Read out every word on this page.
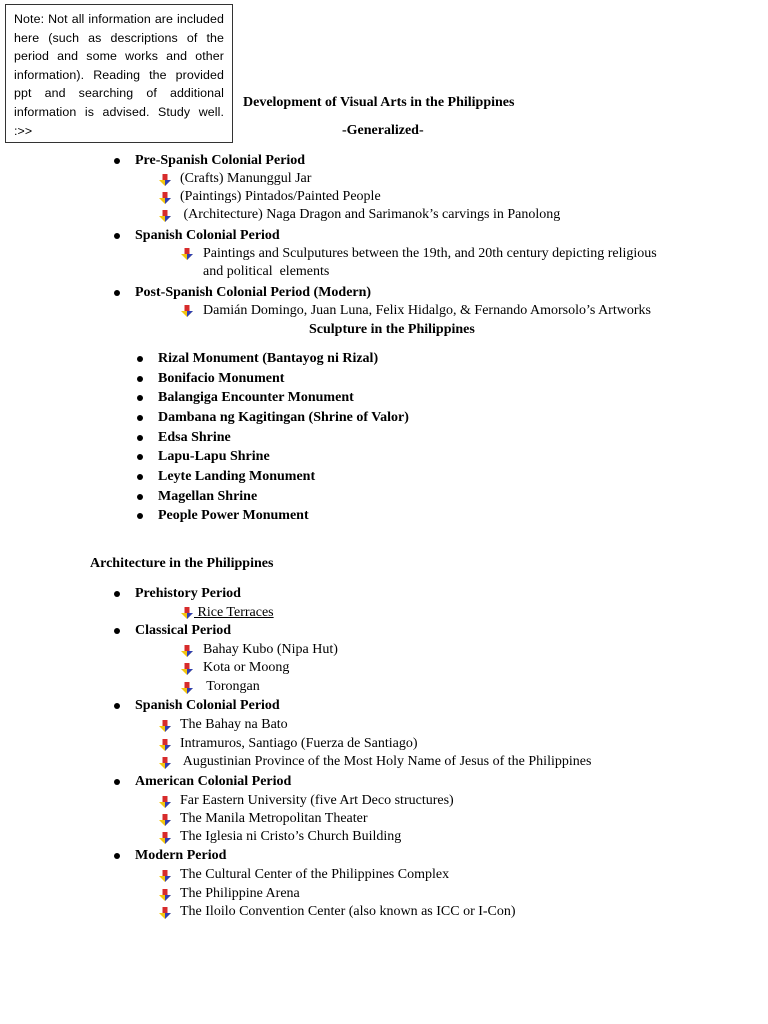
Note: Not all information are included here (such as descriptions of the period and some works and other information). Reading the provided ppt and searching of additional information is advised. Study well. :>>
Development of Visual Arts in the Philippines
-Generalized-
Pre-Spanish Colonial Period
(Crafts) Manunggul Jar
(Paintings) Pintados/Painted People
(Architecture) Naga Dragon and Sarimanok’s carvings in Panolong
Spanish Colonial Period
Paintings and Sculputures between the 19th, and 20th century depicting religious
and political  elements
Post-Spanish Colonial Period (Modern)
Damián Domingo, Juan Luna, Felix Hidalgo, & Fernando Amorsolo’s Artworks
Sculpture in the Philippines
Rizal Monument (Bantayog ni Rizal)
Bonifacio Monument
Balangiga Encounter Monument
Dambana ng Kagitingan (Shrine of Valor)
Edsa Shrine
Lapu-Lapu Shrine
Leyte Landing Monument
Magellan Shrine
People Power Monument
Architecture in the Philippines
Prehistory Period
Rice Terraces
Classical Period
Bahay Kubo (Nipa Hut)
Kota or Moong
Torongan
Spanish Colonial Period
The Bahay na Bato
Intramuros, Santiago (Fuerza de Santiago)
Augustinian Province of the Most Holy Name of Jesus of the Philippines
American Colonial Period
Far Eastern University (five Art Deco structures)
The Manila Metropolitan Theater
The Iglesia ni Cristo’s Church Building
Modern Period
The Cultural Center of the Philippines Complex
The Philippine Arena
The Iloilo Convention Center (also known as ICC or I-Con)
